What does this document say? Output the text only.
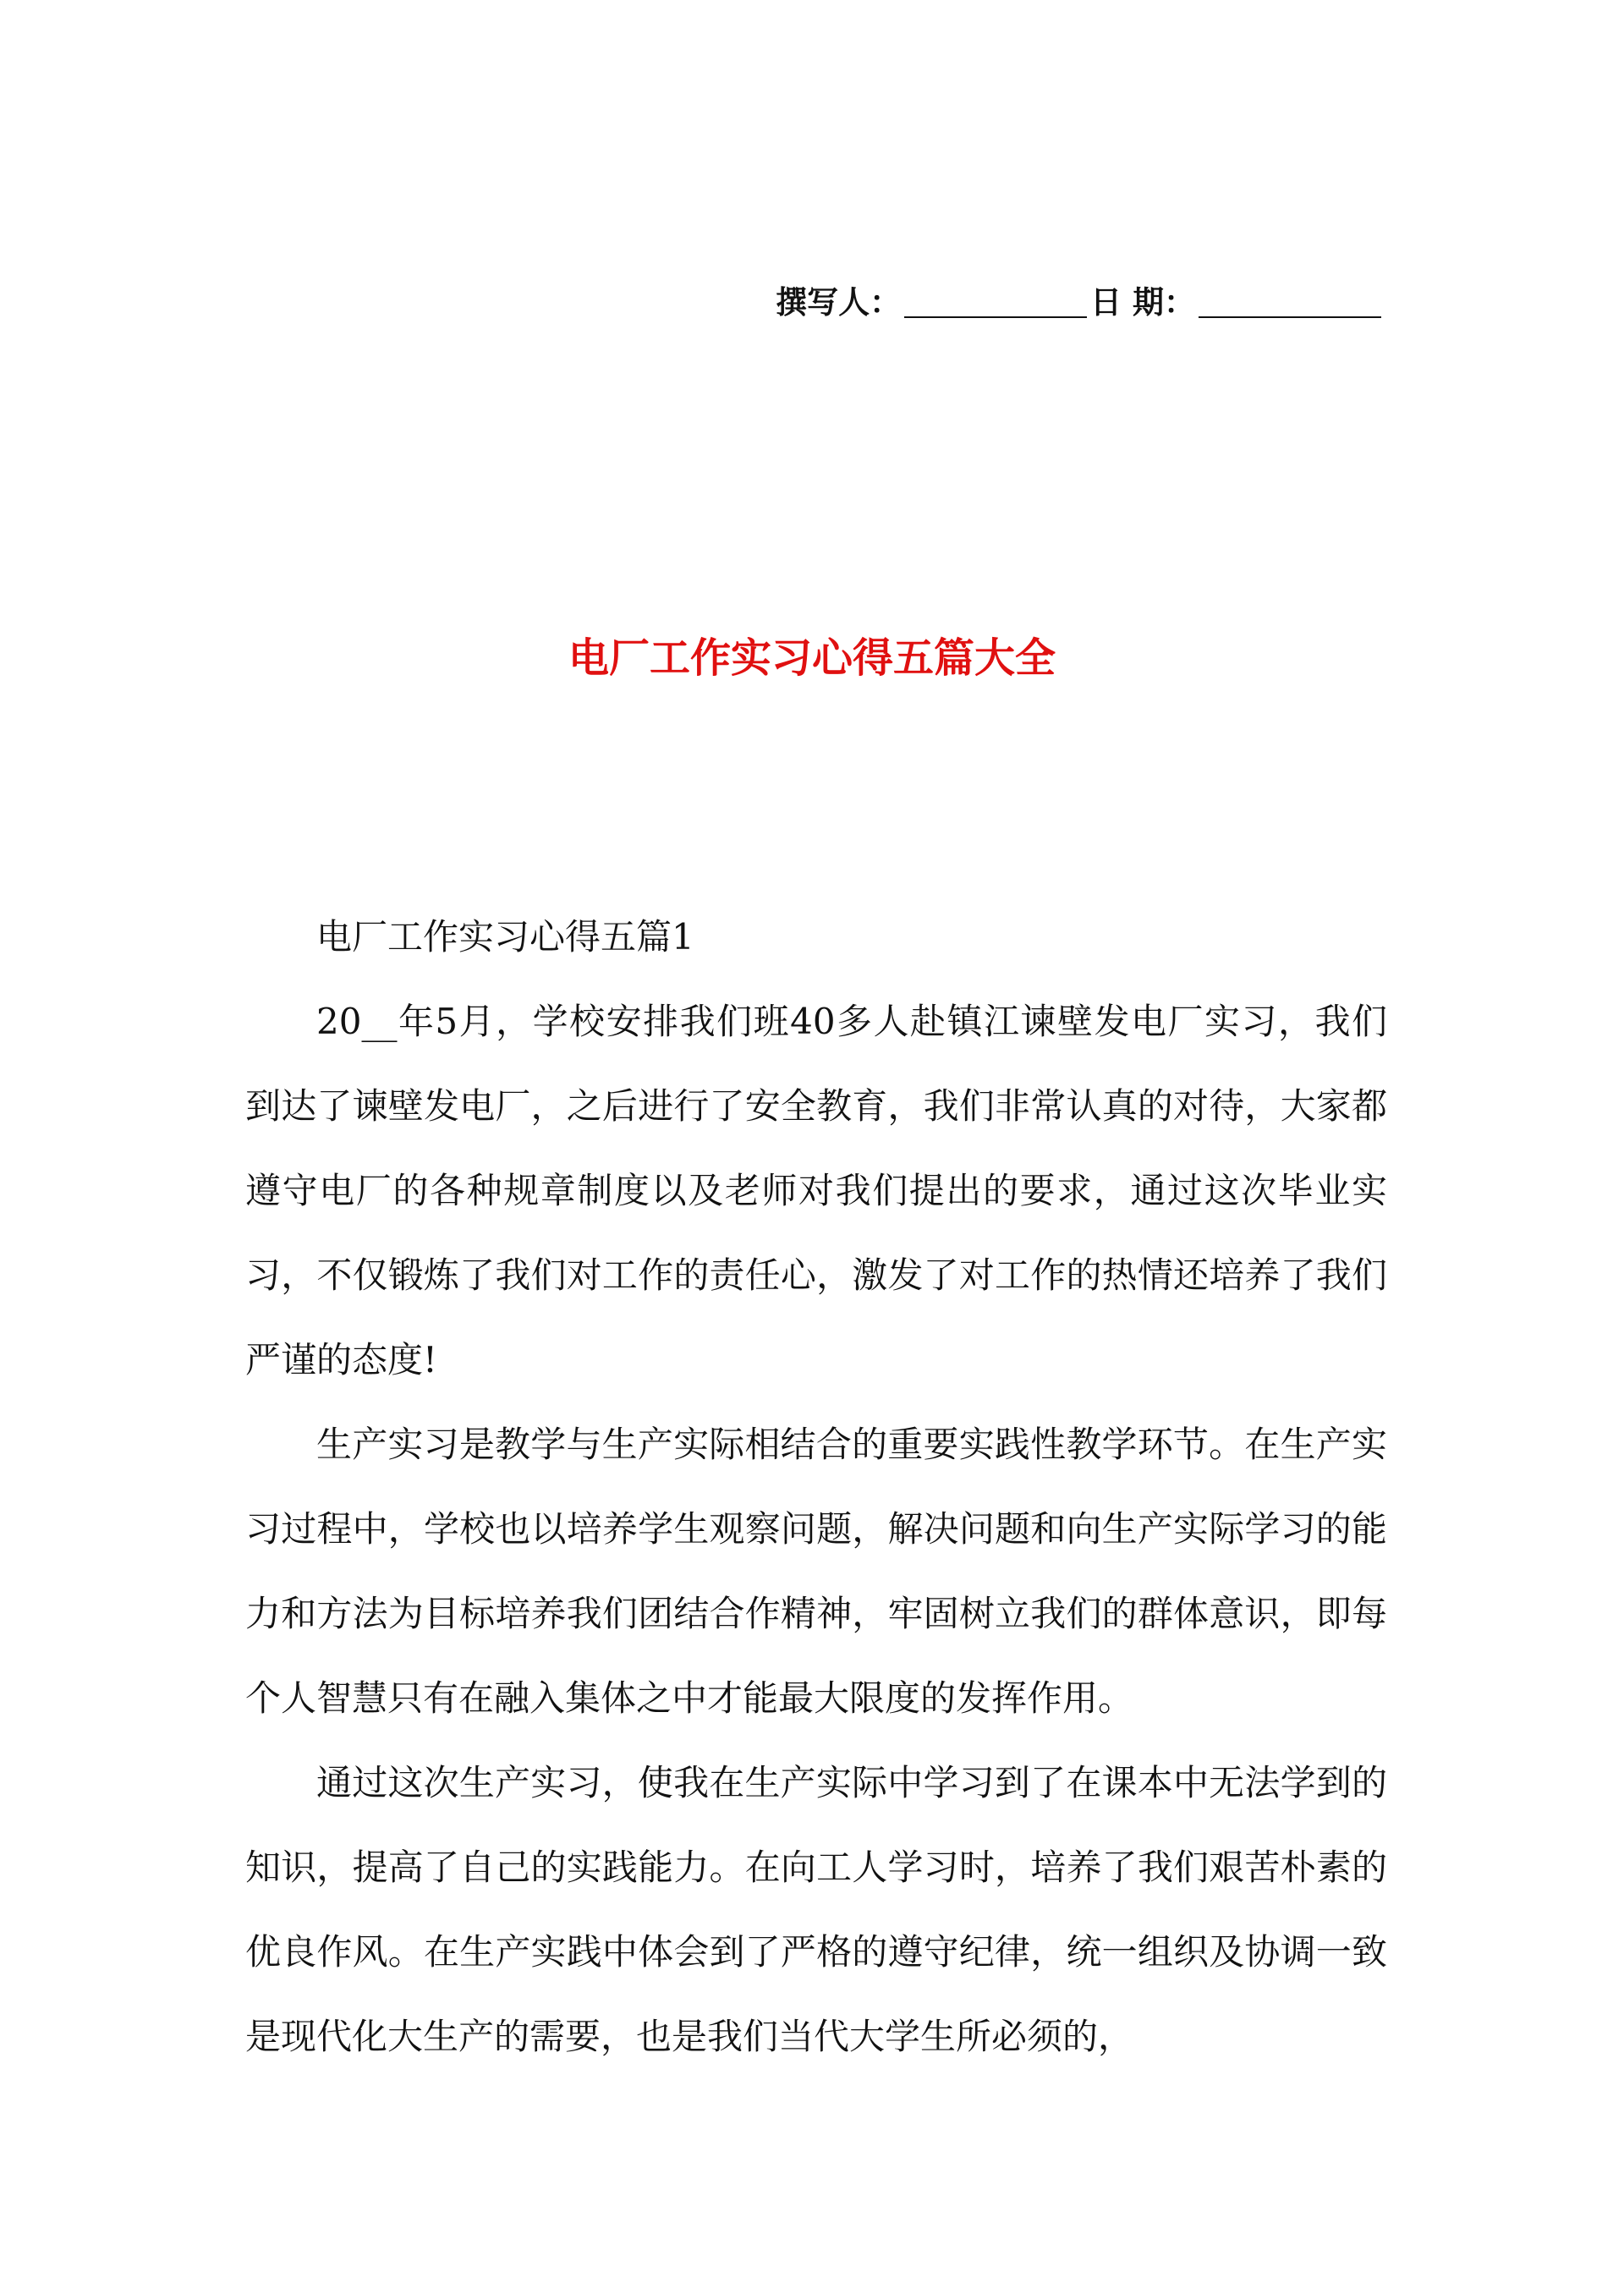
撰写人：	日 期：
电厂工作实习心得五篇大全

电厂工作实习心得五篇1

20__年5月，学校安排我们班40多人赴镇江谏壁发电厂实习，我们到达了谏壁发电厂，之后进行了安全教育，我们非常认真的对待，大家都遵守电厂的各种规章制度以及老师对我们提出的要求，通过这次毕业实习，不仅锻炼了我们对工作的责任心，激发了对工作的热情还培养了我们严谨的态度!

生产实习是教学与生产实际相结合的重要实践性教学环节。在生产实习过程中，学校也以培养学生观察问题，解决问题和向生产实际学习的能力和方法为目标培养我们团结合作精神，牢固树立我们的群体意识，即每个人智慧只有在融入集体之中才能最大限度的发挥作用。

通过这次生产实习，使我在生产实际中学习到了在课本中无法学到的知识，提高了自己的实践能力。在向工人学习时，培养了我们艰苦朴素的优良作风。在生产实践中体会到了严格的遵守纪律，统一组织及协调一致是现代化大生产的需要，也是我们当代大学生所必须的，
